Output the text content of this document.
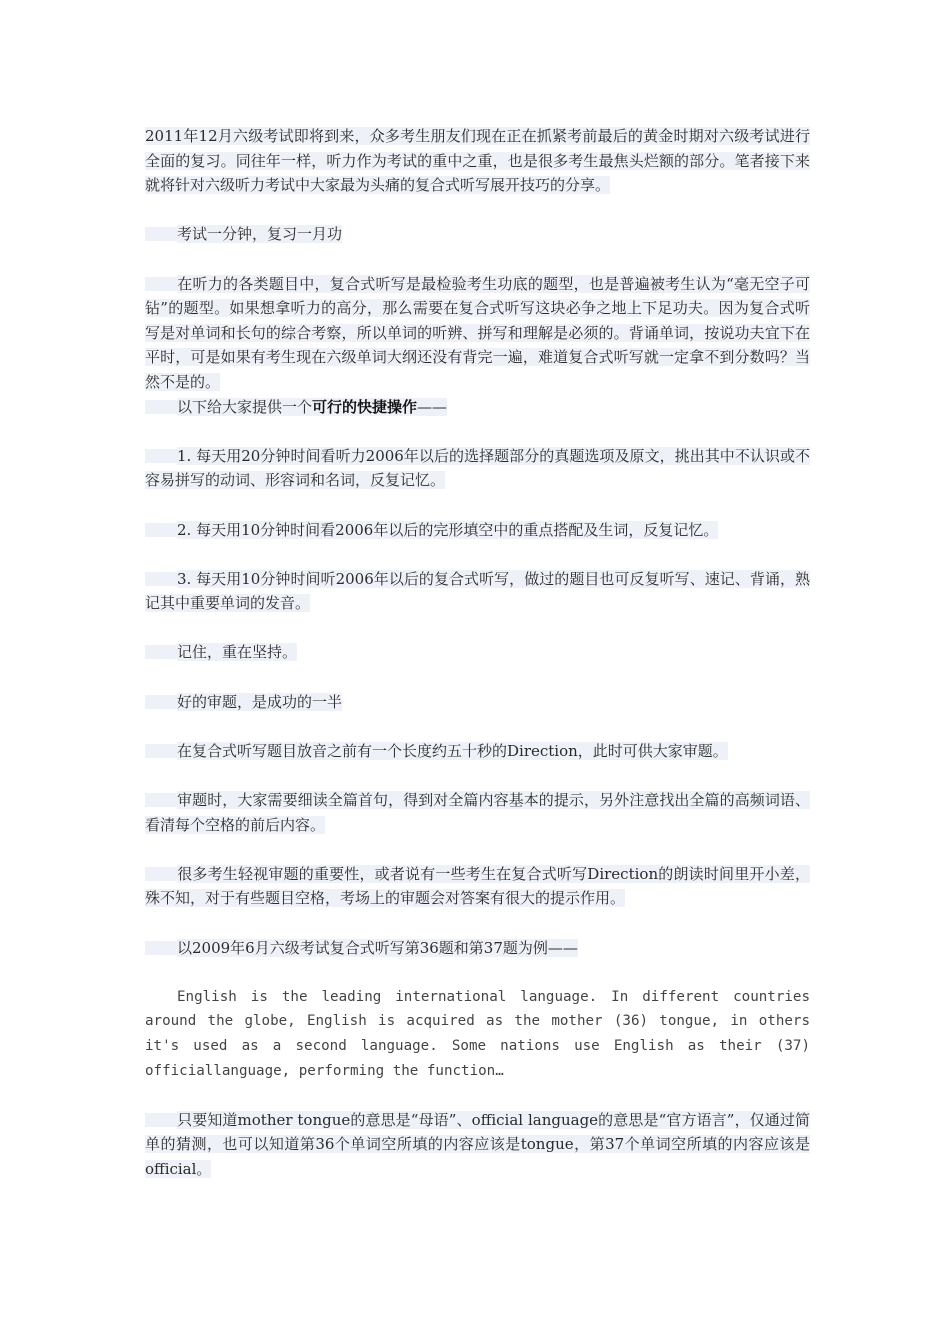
2011年12月六级考试即将到来，众多考生朋友们现在正在抓紧考前最后的黄金时期对六级考试进行全面的复习。同往年一样，听力作为考试的重中之重，也是很多考生最焦头烂额的部分。笔者接下来就将针对六级听力考试中大家最为头痛的复合式听写展开技巧的分享。

考试一分钟，复习一月功

在听力的各类题目中，复合式听写是最检验考生功底的题型，也是普遍被考生认为“毫无空子可钻”的题型。如果想拿听力的高分，那么需要在复合式听写这块必争之地上下足功夫。因为复合式听写是对单词和长句的综合考察，所以单词的听辨、拼写和理解是必须的。背诵单词，按说功夫宜下在平时，可是如果有考生现在六级单词大纲还没有背完一遍，难道复合式听写就一定拿不到分数吗？当然不是的。

以下给大家提供一个可行的快捷操作——

1. 每天用20分钟时间看听力2006年以后的选择题部分的真题选项及原文，挑出其中不认识或不容易拼写的动词、形容词和名词，反复记忆。

2. 每天用10分钟时间看2006年以后的完形填空中的重点搭配及生词，反复记忆。

3. 每天用10分钟时间听2006年以后的复合式听写，做过的题目也可反复听写、速记、背诵，熟记其中重要单词的发音。

记住，重在坚持。

好的审题，是成功的一半

在复合式听写题目放音之前有一个长度约五十秒的Direction，此时可供大家审题。

审题时，大家需要细读全篇首句，得到对全篇内容基本的提示，另外注意找出全篇的高频词语、看清每个空格的前后内容。

很多考生轻视审题的重要性，或者说有一些考生在复合式听写Direction的朗读时间里开小差，殊不知，对于有些题目空格，考场上的审题会对答案有很大的提示作用。

以2009年6月六级考试复合式听写第36题和第37题为例——

English is the leading international language. In different countries around the globe, English is acquired as the mother (36) tongue, in others it's used as a second language. Some nations use English as their (37) officiallanguage, performing the function…

只要知道mother tongue的意思是“母语”、official language的意思是“官方语言”，仅通过简单的猜测，也可以知道第36个单词空所填的内容应该是tongue，第37个单词空所填的内容应该是official。
